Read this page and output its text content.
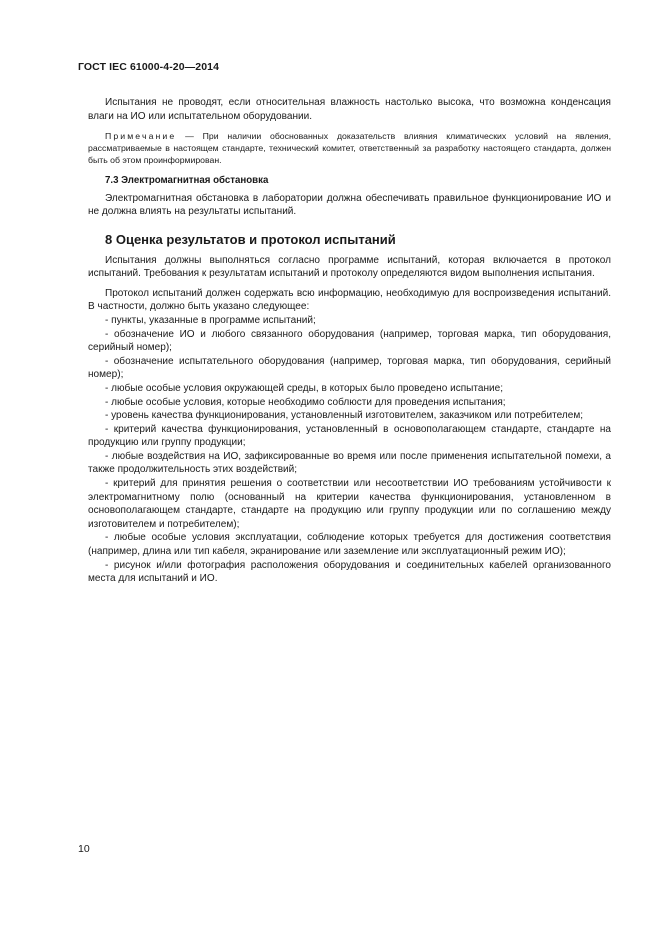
ГОСТ IEC 61000-4-20—2014

Испытания не проводят, если относительная влажность настолько высока, что возможна конденсация влаги на ИО или испытательном оборудовании.

Примечание — При наличии обоснованных доказательств влияния климатических условий на явления, рассматриваемые в настоящем стандарте, технический комитет, ответственный за разработку настоящего стандарта, должен быть об этом проинформирован.

7.3 Электромагнитная обстановка

Электромагнитная обстановка в лаборатории должна обеспечивать правильное функционирование ИО и не должна влиять на результаты испытаний.

8 Оценка результатов и протокол испытаний

Испытания должны выполняться согласно программе испытаний, которая включается в протокол испытаний. Требования к результатам испытаний и протоколу определяются видом выполнения испытания.

Протокол испытаний должен содержать всю информацию, необходимую для воспроизведения испытаний. В частности, должно быть указано следующее:

- пункты, указанные в программе испытаний;

- обозначение ИО и любого связанного оборудования (например, торговая марка, тип оборудования, серийный номер);

- обозначение испытательного оборудования (например, торговая марка, тип оборудования, серийный номер);

- любые особые условия окружающей среды, в которых было проведено испытание;

- любые особые условия, которые необходимо соблюсти для проведения испытания;

- уровень качества функционирования, установленный изготовителем, заказчиком или потребителем;

- критерий качества функционирования, установленный в основополагающем стандарте, стандарте на продукцию или группу продукции;

- любые воздействия на ИО, зафиксированные во время или после применения испытательной помехи, а также продолжительность этих воздействий;

- критерий для принятия решения о соответствии или несоответствии ИО требованиям устойчивости к электромагнитному полю (основанный на критерии качества функционирования, установленном в основополагающем стандарте, стандарте на продукцию или группу продукции или по соглашению между изготовителем и потребителем);

- любые особые условия эксплуатации, соблюдение которых требуется для достижения соответствия (например, длина или тип кабеля, экранирование или заземление или эксплуатационный режим ИО);

- рисунок и/или фотография расположения оборудования и соединительных кабелей организованного места для испытаний и ИО.

10
